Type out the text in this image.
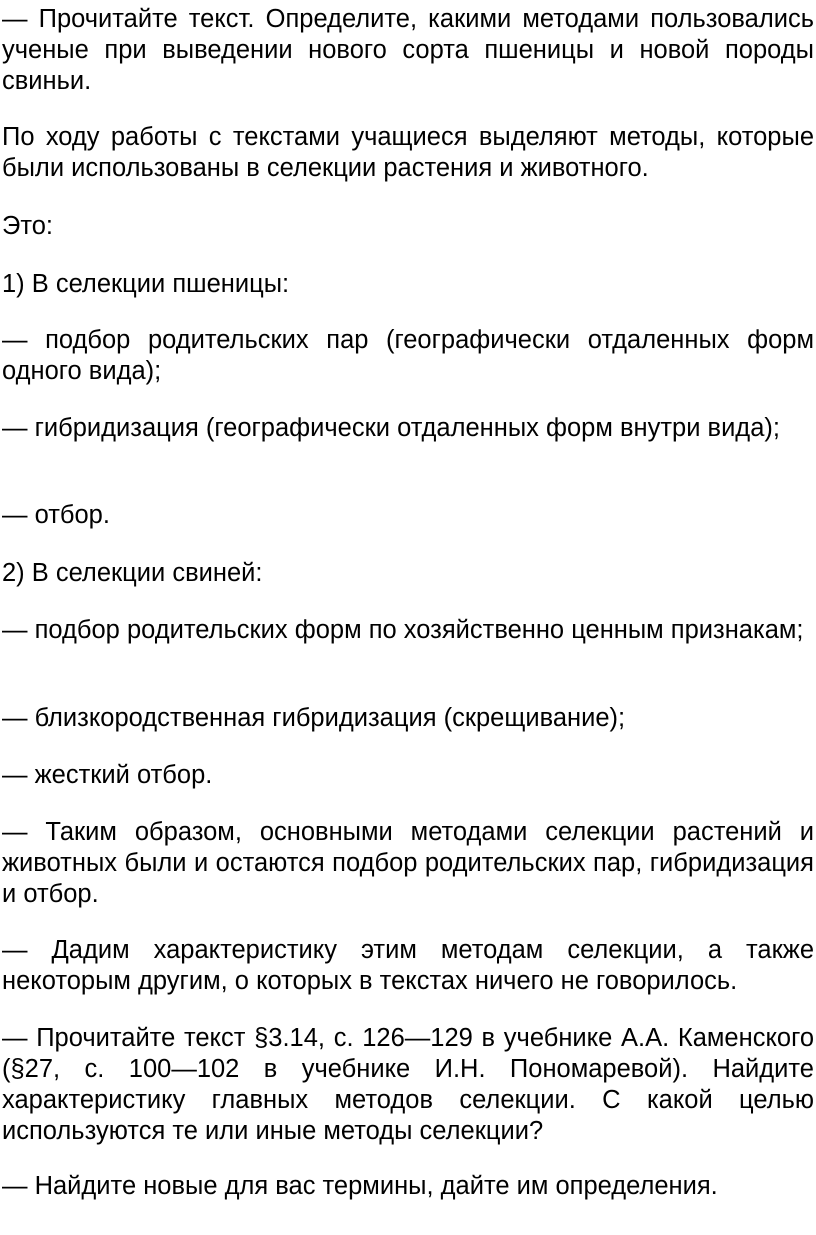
— Прочитайте текст. Определите, какими методами пользовались ученые при выведении нового сорта пшеницы и новой породы свиньи.

По ходу работы с текстами учащиеся выделяют методы, которые были использованы в селекции растения и животного.

Это:

1) В селекции пшеницы:

— подбор родительских пар (географически отдаленных форм одного вида);

— гибридизация (географически отдаленных форм внутри вида);

— отбор.

2) В селекции свиней:

— подбор родительских форм по хозяйственно ценным признакам;

— близкородственная гибридизация (скрещивание);

— жесткий отбор.

— Таким образом, основными методами селекции растений и животных были и остаются подбор родительских пар, гибридизация и отбор.

— Дадим характеристику этим методам селекции, а также некоторым другим, о которых в текстах ничего не говорилось.

— Прочитайте текст §3.14, с. 126—129 в учебнике А.А. Каменского (§27, с. 100—102 в учебнике И.Н. Пономаревой). Найдите характеристику главных методов селекции. С какой целью используются те или иные методы селекции?

— Найдите новые для вас термины, дайте им определения.
